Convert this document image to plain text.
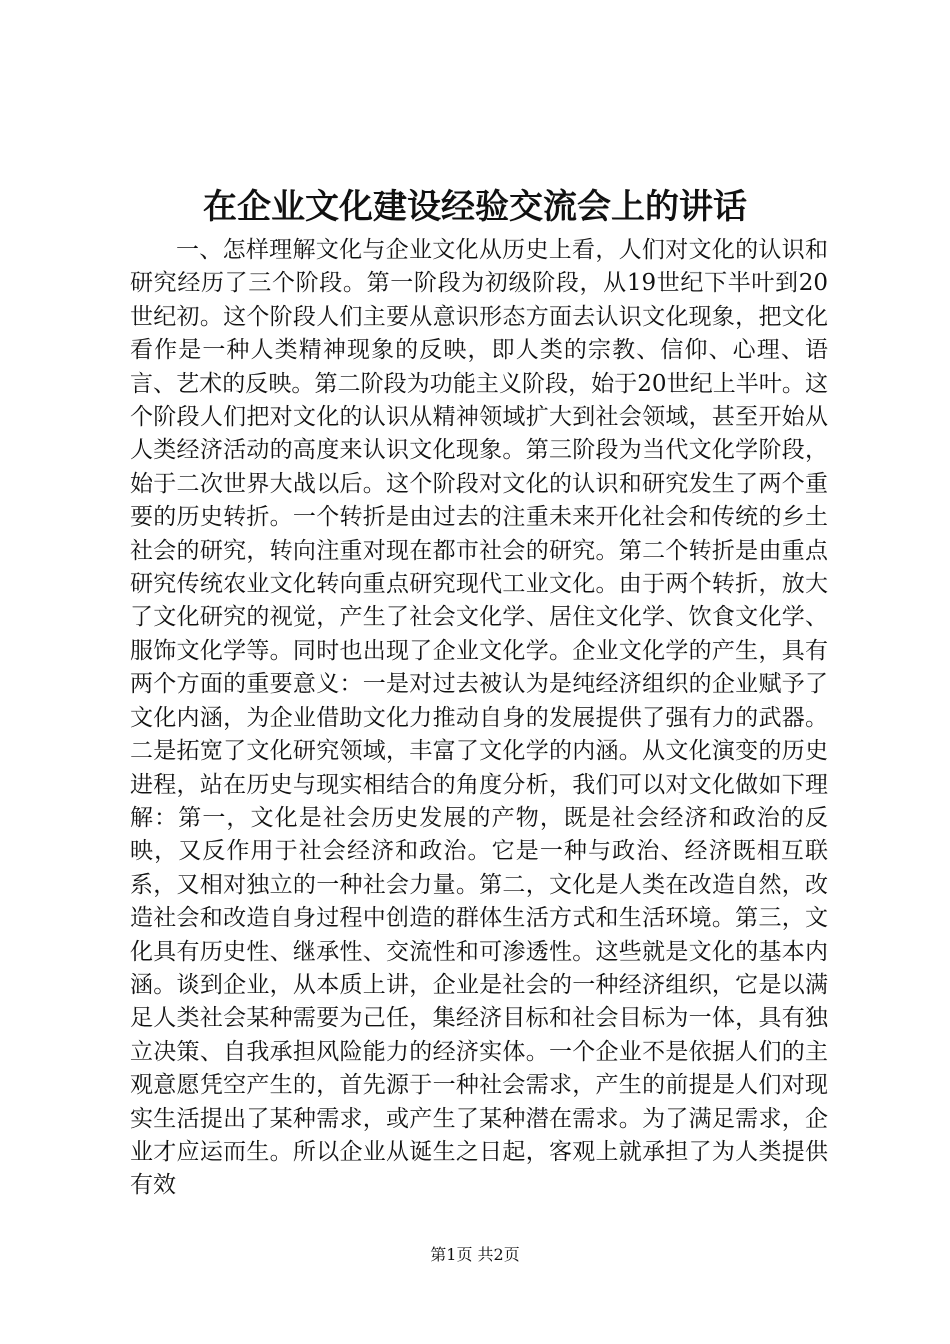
在企业文化建设经验交流会上的讲话

一、怎样理解文化与企业文化从历史上看，人们对文化的认识和研究经历了三个阶段。第一阶段为初级阶段，从19世纪下半叶到20世纪初。这个阶段人们主要从意识形态方面去认识文化现象，把文化看作是一种人类精神现象的反映，即人类的宗教、信仰、心理、语言、艺术的反映。第二阶段为功能主义阶段，始于20世纪上半叶。这个阶段人们把对文化的认识从精神领域扩大到社会领域，甚至开始从人类经济活动的高度来认识文化现象。第三阶段为当代文化学阶段，始于二次世界大战以后。这个阶段对文化的认识和研究发生了两个重要的历史转折。一个转折是由过去的注重未来开化社会和传统的乡土社会的研究，转向注重对现在都市社会的研究。第二个转折是由重点研究传统农业文化转向重点研究现代工业文化。由于两个转折，放大了文化研究的视觉，产生了社会文化学、居住文化学、饮食文化学、服饰文化学等。同时也出现了企业文化学。企业文化学的产生，具有两个方面的重要意义：一是对过去被认为是纯经济组织的企业赋予了文化内涵，为企业借助文化力推动自身的发展提供了强有力的武器。二是拓宽了文化研究领域，丰富了文化学的内涵。从文化演变的历史进程，站在历史与现实相结合的角度分析，我们可以对文化做如下理解：第一，文化是社会历史发展的产物，既是社会经济和政治的反映，又反作用于社会经济和政治。它是一种与政治、经济既相互联系，又相对独立的一种社会力量。第二，文化是人类在改造自然，改造社会和改造自身过程中创造的群体生活方式和生活环境。第三，文化具有历史性、继承性、交流性和可渗透性。这些就是文化的基本内涵。谈到企业，从本质上讲，企业是社会的一种经济组织，它是以满足人类社会某种需要为己任，集经济目标和社会目标为一体，具有独立决策、自我承担风险能力的经济实体。一个企业不是依据人们的主观意愿凭空产生的，首先源于一种社会需求，产生的前提是人们对现实生活提出了某种需求，或产生了某种潜在需求。为了满足需求，企业才应运而生。所以企业从诞生之日起，客观上就承担了为人类提供有效

第1页 共2页
